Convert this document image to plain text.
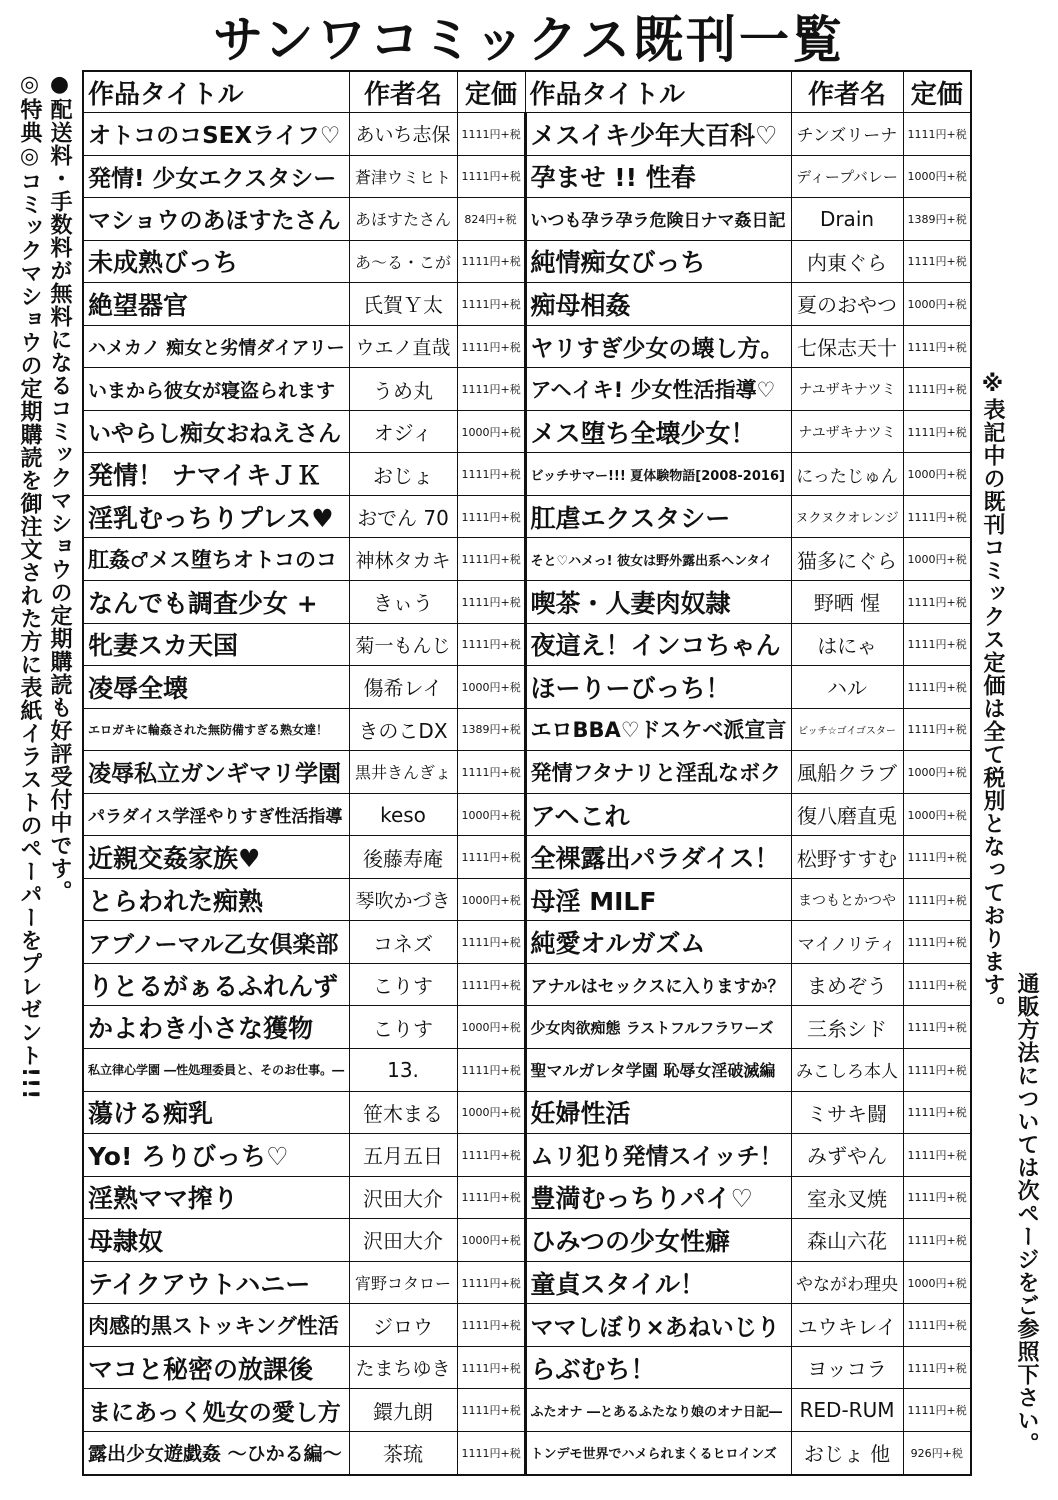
サンワコミックス既刊一覧
●配送料・手数料が無料になるコミックマショウの定期購読も好評受付中です。
◎特典◎コミックマショウの定期購読を御注文された方に表紙イラストのペーパーをプレゼント!!!	※表記中の既刊コミックス定価は全て税別となっております。
通販方法については次ページをご参照下さい。
作品タイトル	作者名	定価	作品タイトル	作者名	定価
オトコのコSEXライフ♡	あいち志保	1111円+税	メスイキ少年大百科♡	チンズリーナ	1111円+税
発情! 少女エクスタシー	蒼津ウミヒト	1111円+税	孕ませ !! 性春	ディープバレー	1000円+税
マショウのあほすたさん	あほすたさん	824円+税	いつも孕ラ孕ラ危険日ナマ姦日記	Drain	1389円+税
未成熟びっち	あ〜る・こが	1111円+税	純情痴女びっち	内東ぐら	1111円+税
絶望器官	氏賀Ｙ太	1111円+税	痴母相姦	夏のおやつ	1000円+税
ハメカノ 痴女と劣情ダイアリー	ウエノ直哉	1111円+税	ヤリすぎ少女の壊し方。	七保志天十	1111円+税
いまから彼女が寝盗られます	うめ丸	1111円+税	アヘイキ! 少女性活指導♡	ナユザキナツミ	1111円+税
いやらし痴女おねえさん	オジィ	1000円+税	メス堕ち全壊少女！	ナユザキナツミ	1111円+税
発情！ ナマイキＪＫ	おじょ	1111円+税	ビッチサマー!!! 夏体験物語[2008-2016]	にったじゅん	1000円+税
淫乳むっちりプレス♥	おでん 70	1111円+税	肛虐エクスタシー	ヌクヌクオレンジ	1111円+税
肛姦♂メス堕ちオトコのコ	神林タカキ	1111円+税	そと♡ハメっ! 彼女は野外露出系ヘンタイ	猫多にぐら	1000円+税
なんでも調査少女 +	きぃう	1111円+税	喫茶・人妻肉奴隷	野晒 惺	1111円+税
牝妻スカ天国	菊一もんじ	1111円+税	夜這え！インコちゃん	はにゃ	1111円+税
凌辱全壊	傷希レイ	1000円+税	ほーりーびっち！	ハル	1111円+税
エロガキに輪姦された無防備すぎる熟女達！	きのこDX	1389円+税	エロBBA♡ドスケベ派宣言	ビッチ☆ゴイゴスター	1111円+税
凌辱私立ガンギマリ学園	黒井きんぎょ	1111円+税	発情フタナリと淫乱なボク	風船クラブ	1000円+税
パラダイス学淫やりすぎ性活指導	keso	1000円+税	アヘこれ	復八磨直兎	1000円+税
近親交姦家族♥	後藤寿庵	1111円+税	全裸露出パラダイス！	松野すすむ	1111円+税
とらわれた痴熟	琴吹かづき	1000円+税	母淫 MILF	まつもとかつや	1111円+税
アブノーマル乙女倶楽部	コネズ	1111円+税	純愛オルガズム	マイノリティ	1111円+税
りとるがぁるふれんず	こりす	1111円+税	アナルはセックスに入りますか？	まめぞう	1111円+税
かよわき小さな獲物	こりす	1000円+税	少女肉欲痴態 ラストフルフラワーズ	三糸シド	1111円+税
私立律心学園 ―性処理委員と、そのお仕事。―	13.	1111円+税	聖マルガレタ学園 恥辱女淫破滅編	みこしろ本人	1111円+税
蕩ける痴乳	笹木まる	1000円+税	妊婦性活	ミサキ闘	1111円+税
Yo! ろりびっち♡	五月五日	1111円+税	ムリ犯り発情スイッチ！	みずやん	1111円+税
淫熟ママ搾り	沢田大介	1111円+税	豊満むっちりパイ♡	室永叉焼	1111円+税
母隷奴	沢田大介	1000円+税	ひみつの少女性癖	森山六花	1111円+税
テイクアウトハニー	宵野コタロー	1111円+税	童貞スタイル！	やながわ理央	1000円+税
肉感的黒ストッキング性活	ジロウ	1111円+税	ママしぼり×あねいじり	ユウキレイ	1111円+税
マコと秘密の放課後	たまちゆき	1111円+税	らぶむち！	ヨッコラ	1111円+税
まにあっく処女の愛し方	鐶九朗	1111円+税	ふたオナ ―とあるふたなり娘のオナ日記―	RED-RUM	1111円+税
露出少女遊戯姦 〜ひかる編〜	茶琉	1111円+税	トンデモ世界でハメられまくるヒロインズ	おじょ 他	926円+税
